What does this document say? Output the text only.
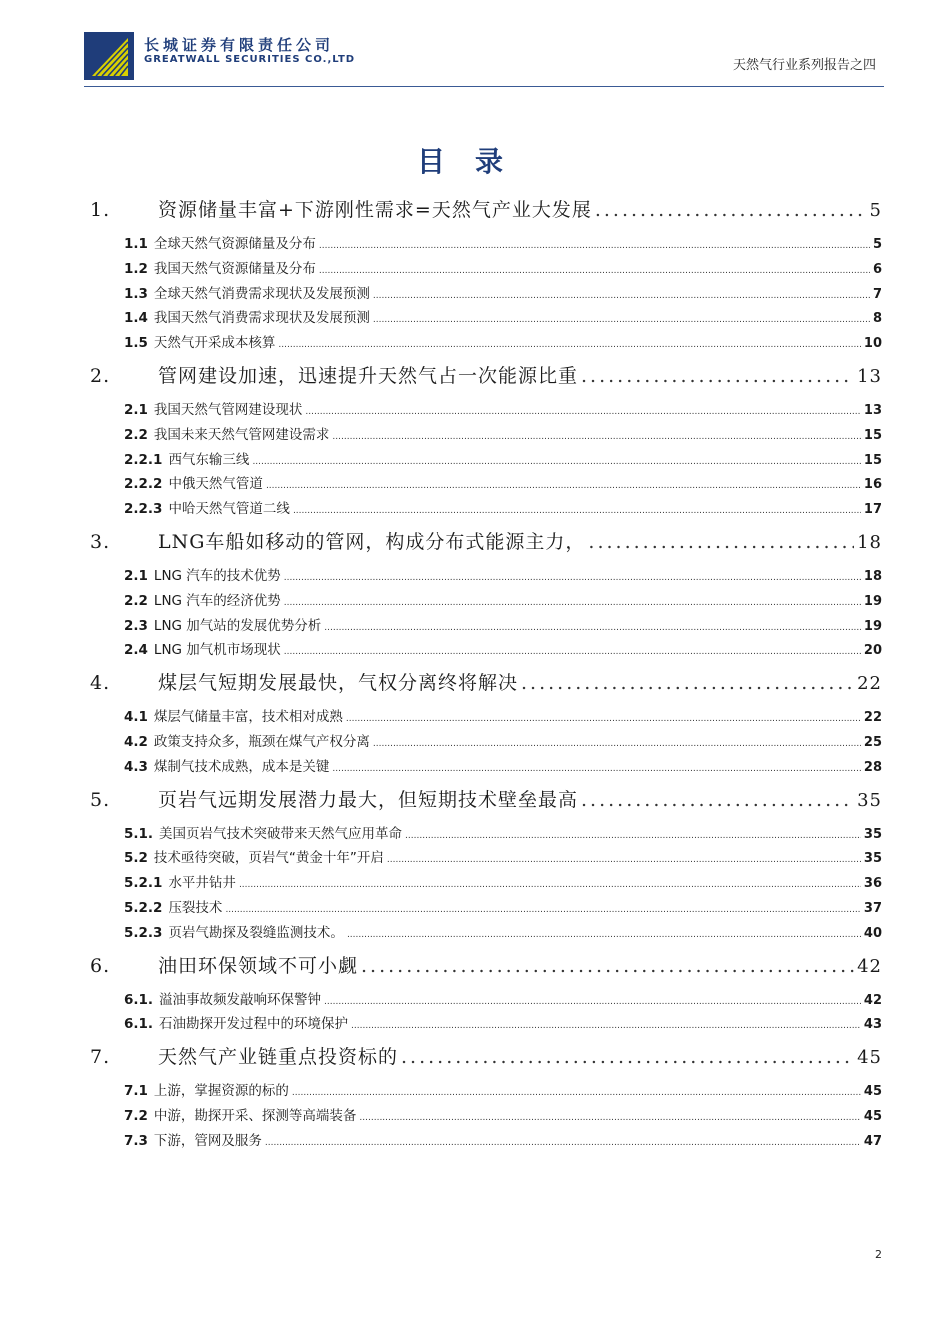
长城证券有限责任公司
GREATWALL SECURITIES CO.,LTD	天然气行业系列报告之四
目录
1.	资源储量丰富+下游刚性需求=天然气产业大发展 .....	5
1.1 全球天然气资源储量及分布 .....	5
1.2 我国天然气资源储量及分布 .....	6
1.3 全球天然气消费需求现状及发展预测 .....	7
1.4 我国天然气消费需求现状及发展预测 .....	8
1.5 天然气开采成本核算 .....	10
2.	管网建设加速，迅速提升天然气占一次能源比重 .....	13
2.1 我国天然气管网建设现状 .....	13
2.2 我国未来天然气管网建设需求 .....	15
2.2.1 西气东输三线 .....	15
2.2.2 中俄天然气管道 .....	16
2.2.3 中哈天然气管道二线 .....	17
3.	LNG车船如移动的管网，构成分布式能源主力， .....	18
2.1 LNG 汽车的技术优势 .....	18
2.2 LNG 汽车的经济优势 .....	19
2.3 LNG 加气站的发展优势分析 .....	19
2.4 LNG 加气机市场现状 .....	20
4.	煤层气短期发展最快，气权分离终将解决 .....	22
4.1 煤层气储量丰富，技术相对成熟 .....	22
4.2 政策支持众多，瓶颈在煤气产权分离 .....	25
4.3 煤制气技术成熟，成本是关键 .....	28
5.	页岩气远期发展潜力最大，但短期技术壁垒最高 .....	35
5.1. 美国页岩气技术突破带来天然气应用革命 .....	35
5.2 技术亟待突破，页岩气“黄金十年”开启 .....	35
5.2.1 水平井钻井 .....	36
5.2.2 压裂技术 .....	37
5.2.3 页岩气勘探及裂缝监测技术。 .....	40
6.	油田环保领域不可小觑 .....	42
6.1. 溢油事故频发敲响环保警钟 .....	42
6.1. 石油勘探开发过程中的环境保护 .....	43
7.	天然气产业链重点投资标的 .....	45
7.1 上游，掌握资源的标的 .....	45
7.2 中游，勘探开采、探测等高端装备 .....	45
7.3 下游，管网及服务 .....	47
2
